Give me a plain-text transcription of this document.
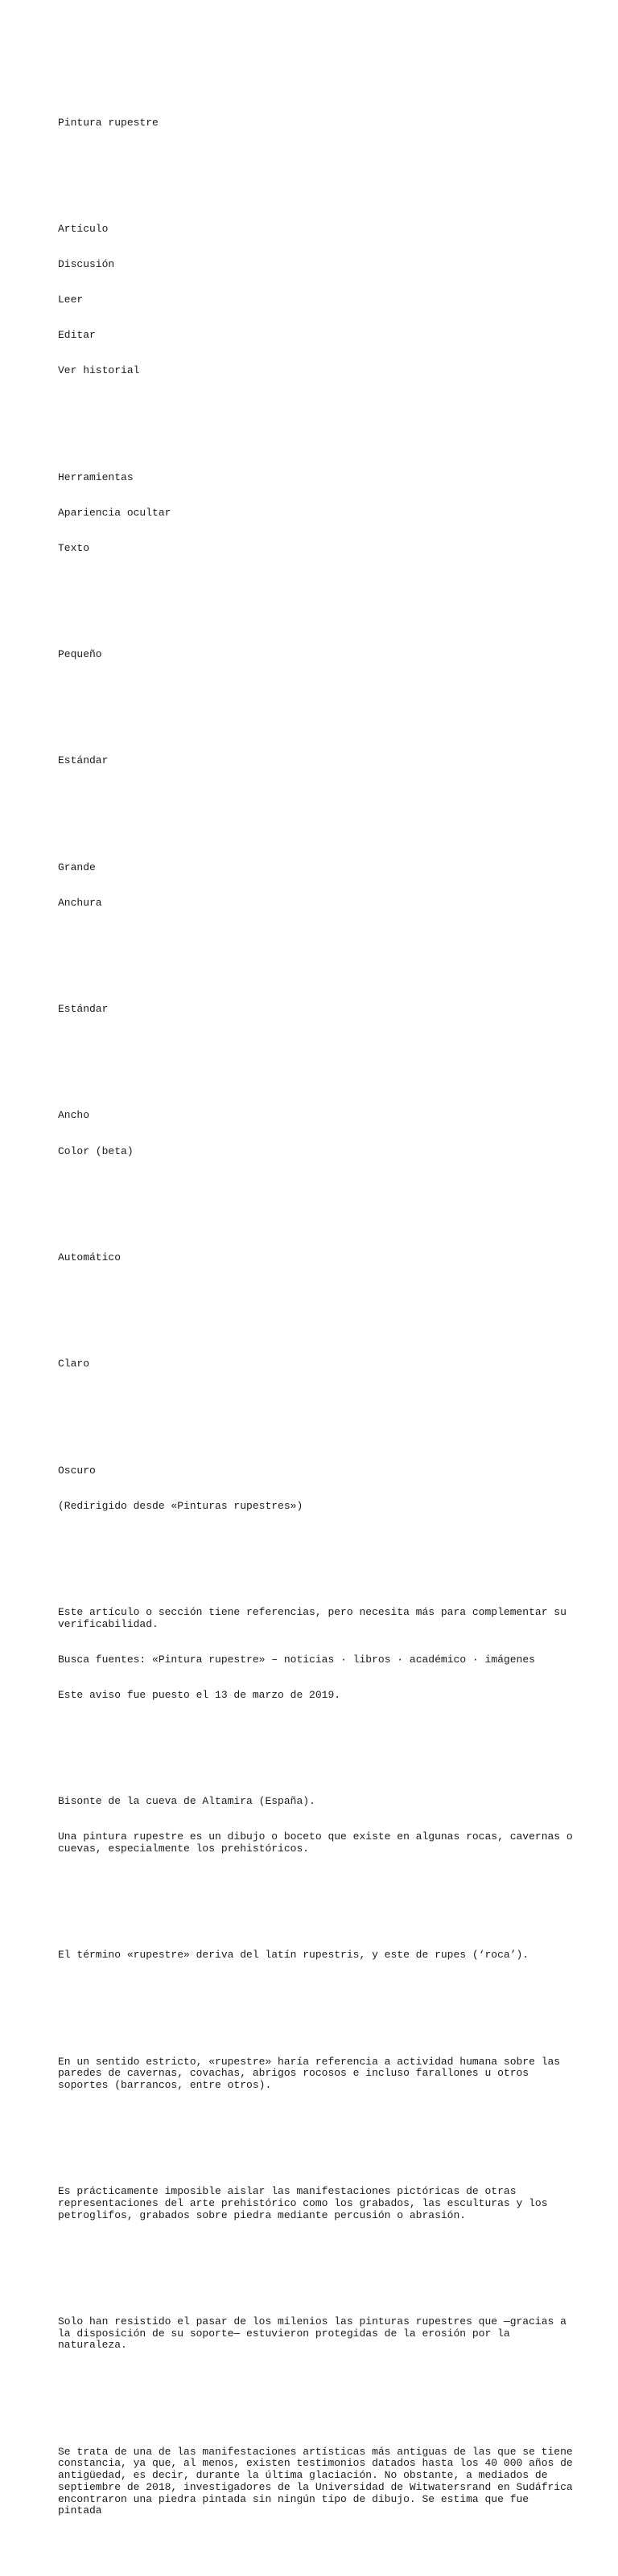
Pintura rupestre

Artículo

Discusión

Leer

Editar

Ver historial

Herramientas

Apariencia ocultar

Texto

Pequeño

Estándar

Grande

Anchura

Estándar

Ancho

Color (beta)

Automático

Claro

Oscuro

(Redirigido desde «Pinturas rupestres»)

Este artículo o sección tiene referencias, pero necesita más para complementar su verificabilidad.

Busca fuentes: «Pintura rupestre» – noticias · libros · académico · imágenes

Este aviso fue puesto el 13 de marzo de 2019.

Bisonte de la cueva de Altamira (España).

Una pintura rupestre es un dibujo o boceto que existe en algunas rocas, cavernas o cuevas, especialmente los prehistóricos.

El término «rupestre» deriva del latín rupestris, y este de rupes (‘roca’).

En un sentido estricto, «rupestre» haría referencia a actividad humana sobre las paredes de cavernas, covachas, abrigos rocosos e incluso farallones u otros soportes (barrancos, entre otros).

Es prácticamente imposible aislar las manifestaciones pictóricas de otras representaciones del arte prehistórico como los grabados, las esculturas y los petroglifos, grabados sobre piedra mediante percusión o abrasión.

Solo han resistido el pasar de los milenios las pinturas rupestres que —gracias a la disposición de su soporte— estuvieron protegidas de la erosión por la naturaleza.

Se trata de una de las manifestaciones artísticas más antiguas de las que se tiene constancia, ya que, al menos, existen testimonios datados hasta los 40 000 años de antigüedad, es decir, durante la última glaciación. No obstante, a mediados de septiembre de 2018, investigadores de la Universidad de Witwatersrand en Sudáfrica encontraron una piedra pintada sin ningún tipo de dibujo. Se estima que fue pintada
